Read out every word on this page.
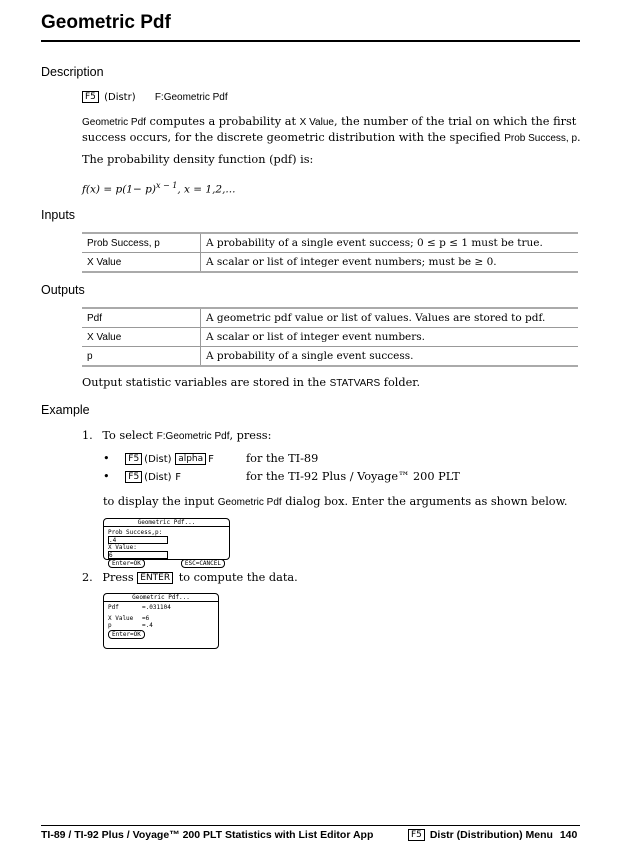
Geometric Pdf
Description
F5 (Distr) F:Geometric Pdf
Geometric Pdf computes a probability at X Value, the number of the trial on which the first success occurs, for the discrete geometric distribution with the specified Prob Success, p.
The probability density function (pdf) is:
$f(x) = p(1- p)^{x - 1}$, x = 1,2,...
Inputs
Prob Success, p	A probability of a single event success; 0 ≤ p ≤ 1 must be true.
X Value	A scalar or list of integer event numbers; must be ≥ 0.
Outputs
Pdf	A geometric pdf value or list of values. Values are stored to pdf.
X Value	A scalar or list of integer event numbers.
p	A probability of a single event success.
Output statistic variables are stored in the STATVARS folder.
Example
1. To select F:Geometric Pdf, press:
• F5 (Dist) alpha F	for the TI-89
• F5 (Dist) F	for the TI-92 Plus / Voyage™ 200 PLT
to display the input Geometric Pdf dialog box. Enter the arguments as shown below.
Geometric Pdf...
Prob Success,p: .4
X Value: 6
Enter=OK	ESC=CANCEL
2. Press ENTER to compute the data.
Geometric Pdf...
Pdf	=.031104
X Value =6
p	=.4
Enter=OK
TI-89 / TI-92 Plus / Voyage™ 200 PLT Statistics with List Editor App	F5 Distr (Distribution) Menu 140
